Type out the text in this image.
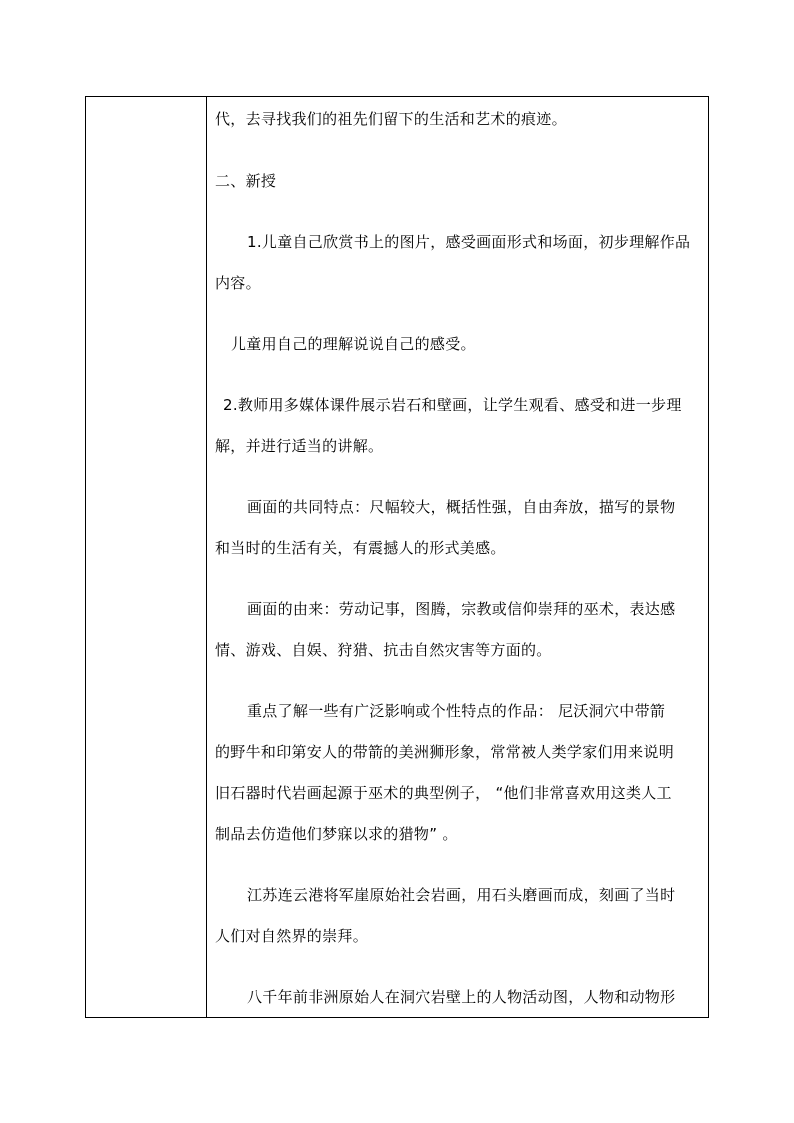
代，去寻找我们的祖先们留下的生活和艺术的痕迹。
二、新授
1.儿童自己欣赏书上的图片，感受画面形式和场面，初步理解作品
内容。
儿童用自己的理解说说自己的感受。
2.教师用多媒体课件展示岩石和壁画，让学生观看、感受和进一步理
解，并进行适当的讲解。
画面的共同特点：尺幅较大，概括性强，自由奔放，描写的景物
和当时的生活有关，有震撼人的形式美感。
画面的由来：劳动记事，图腾，宗教或信仰崇拜的巫术，表达感
情、游戏、自娱、狩猎、抗击自然灾害等方面的。
重点了解一些有广泛影响或个性特点的作品： 尼沃洞穴中带箭
的野牛和印第安人的带箭的美洲狮形象，常常被人类学家们用来说明
旧石器时代岩画起源于巫术的典型例子， “他们非常喜欢用这类人工
制品去仿造他们梦寐以求的猎物” 。
江苏连云港将军崖原始社会岩画，用石头磨画而成，刻画了当时
人们对自然界的崇拜。
八千年前非洲原始人在洞穴岩壁上的人物活动图，人物和动物形
